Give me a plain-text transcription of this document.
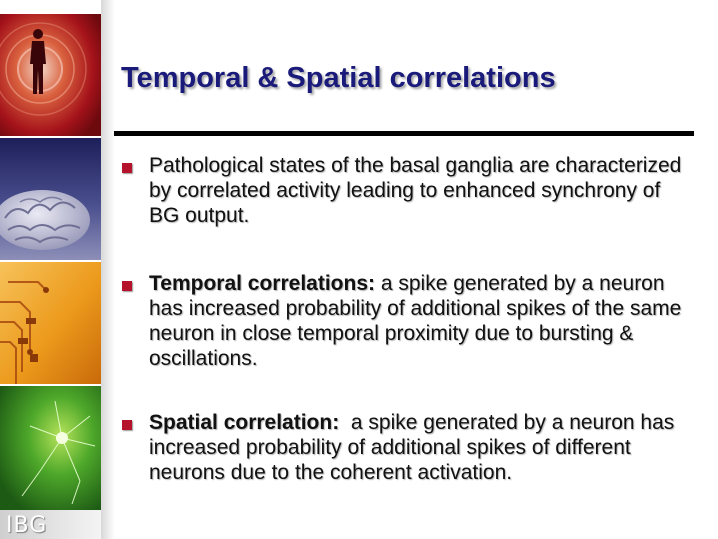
IBG
Temporal & Spatial correlations
Pathological states of the basal ganglia are characterized by correlated activity leading to enhanced synchrony of BG output.
Temporal correlations: a spike generated by a neuron has increased probability of additional spikes of the same neuron in close temporal proximity due to bursting & oscillations.
Spatial correlation:  a spike generated by a neuron has increased probability of additional spikes of different neurons due to the coherent activation.
